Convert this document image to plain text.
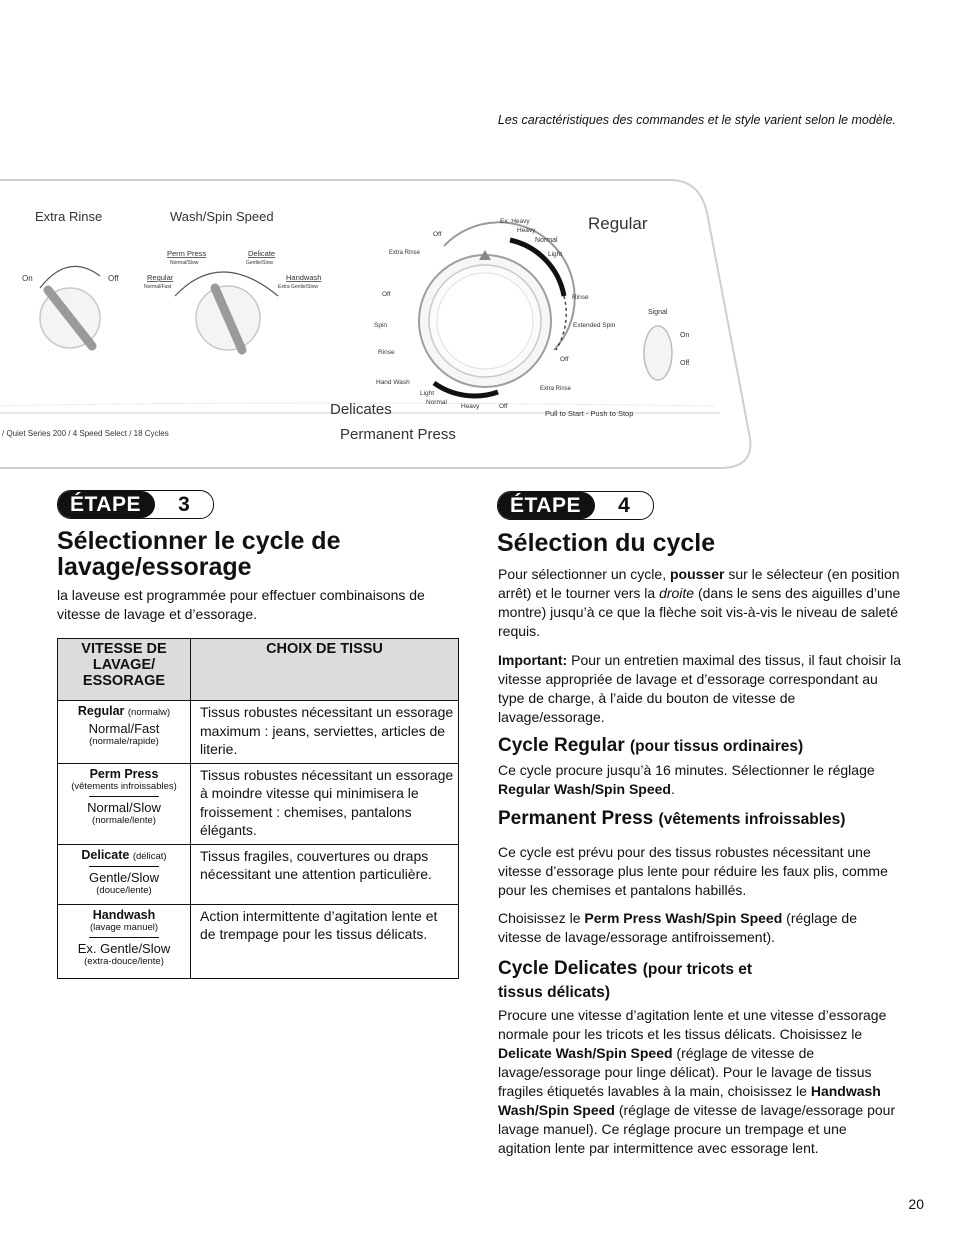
Les caractéristiques des commandes et le style varient selon le modèle.
Extra Rinse
On	Off
Wash/Spin Speed
Perm Press
Normal/Slow
Delicate
Gentle/Slow
Regular
Normal/Fast
Handwash
Extra Gentle/Slow
/ Quiet Series 200 / 4 Speed Select / 18 Cycles
Regular
Ex. Heavy
Heavy
Normal
Light
Rinse
Extended Spin
Off
Extra Rinse
Off
Heavy
Normal
Light
Hand Wash
Rinse
Spin
Off
Extra Rinse
Off
Delicates
Permanent Press
Signal
On
Off
Pull to Start - Push to Stop
ÉTAPE	3
Sélectionner le cycle de lavage/essorage

la laveuse est programmée pour effectuer combinaisons de vitesse de lavage et d’essorage.

VITESSE DE LAVAGE/ ESSORAGE	CHOIX DE TISSU

Regular (normalw)
Normal/Fast
(normale/rapide)	Tissus robustes nécessitant un essorage maximum : jeans, serviettes, articles de literie.

Perm Press
(vêtements infroissables)
Normal/Slow
(normale/lente)	Tissus robustes nécessitant un essorage à moindre vitesse qui minimisera le froissement : chemises, pantalons élégants.

Delicate (délicat)
Gentle/Slow
(douce/lente)	Tissus fragiles, couvertures ou draps nécessitant une attention particulière.

Handwash
(lavage manuel)
Ex. Gentle/Slow
(extra-douce/lente)	Action intermittente d’agitation lente et de trempage pour les tissus délicats.
ÉTAPE	4
Sélection du cycle

Pour sélectionner un cycle, pousser sur le sélecteur (en position arrêt) et le tourner vers la droite (dans le sens des aiguilles d’une montre) jusqu’à ce que la flèche soit vis-à-vis le niveau de saleté requis.

Important: Pour un entretien maximal des tissus, il faut choisir la vitesse appropriée de lavage et d’essorage correspondant au type de charge, à l’aide du bouton de vitesse de lavage/essorage.

Cycle Regular (pour tissus ordinaires)

Ce cycle procure jusqu’à 16 minutes. Sélectionner le réglage Regular Wash/Spin Speed.

Permanent Press (vêtements infroissables)

Ce cycle est prévu pour des tissus robustes nécessitant une vitesse d’essorage plus lente pour réduire les faux plis, comme pour les chemises et pantalons habillés.

Choisissez le Perm Press Wash/Spin Speed (réglage de vitesse de lavage/essorage antifroissement).

Cycle Delicates (pour tricots et tissus délicats)

Procure une vitesse d’agitation lente et une vitesse d’essorage normale pour les tricots et les tissus délicats. Choisissez le Delicate Wash/Spin Speed (réglage de vitesse de lavage/essorage pour linge délicat). Pour le lavage de tissus fragiles étiquetés lavables à la main, choisissez le Handwash Wash/Spin Speed (réglage de vitesse de lavage/essorage pour lavage manuel). Ce réglage procure un trempage et une agitation lente par intermittence avec essorage lent.

20
